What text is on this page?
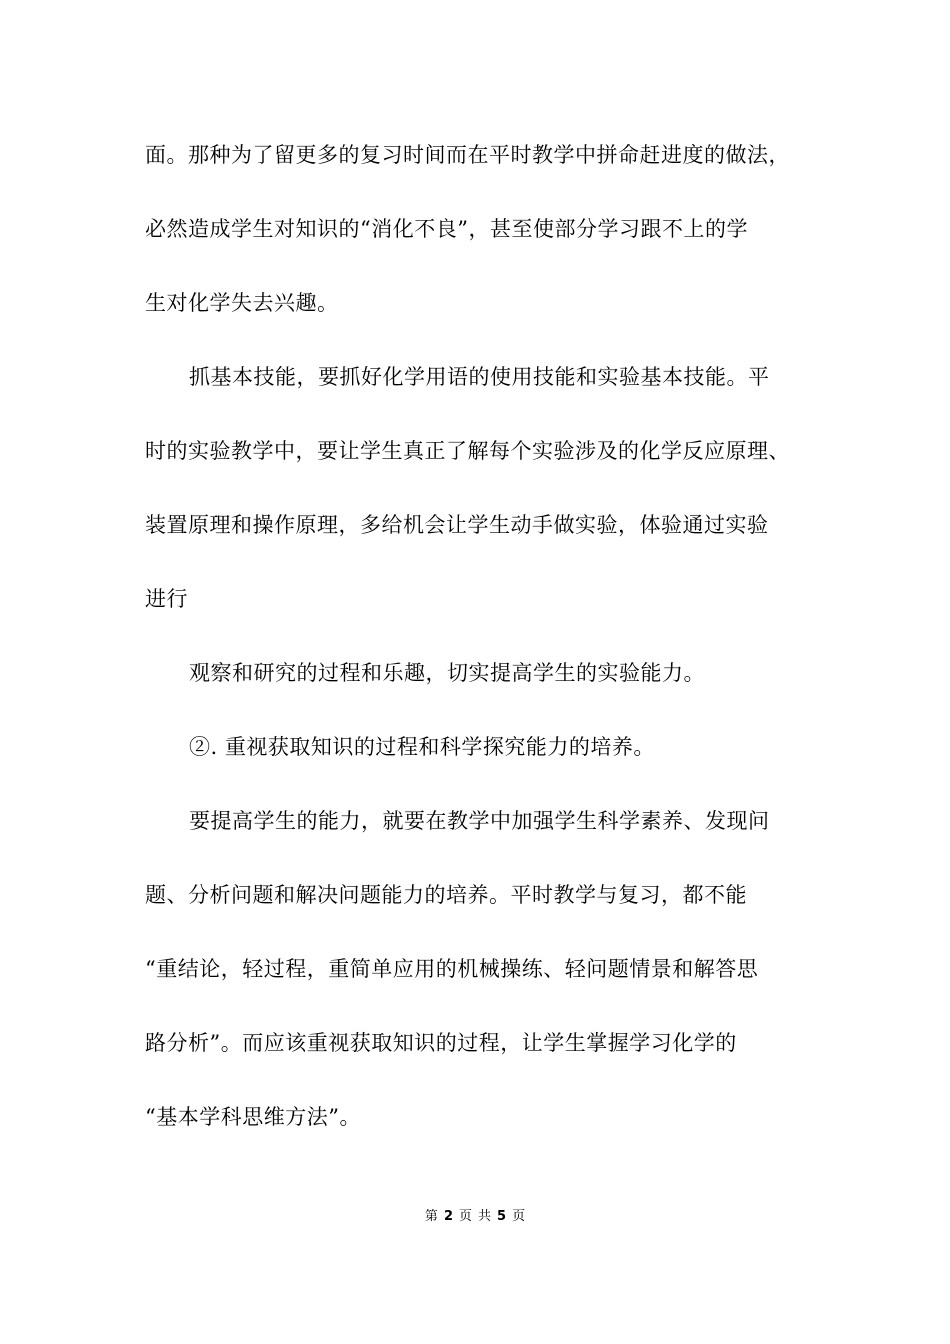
面。那种为了留更多的复习时间而在平时教学中拼命赶进度的做法，

必然造成学生对知识的“消化不良”，甚至使部分学习跟不上的学

生对化学失去兴趣。

抓基本技能，要抓好化学用语的使用技能和实验基本技能。平

时的实验教学中，要让学生真正了解每个实验涉及的化学反应原理、

装置原理和操作原理，多给机会让学生动手做实验，体验通过实验

进行

观察和研究的过程和乐趣，切实提高学生的实验能力。

②. 重视获取知识的过程和科学探究能力的培养。

要提高学生的能力，就要在教学中加强学生科学素养、发现问

题、分析问题和解决问题能力的培养。平时教学与复习，都不能

“重结论，轻过程，重简单应用的机械操练、轻问题情景和解答思

路分析”。而应该重视获取知识的过程，让学生掌握学习化学的

“基本学科思维方法”。

第 2 页 共 5 页
